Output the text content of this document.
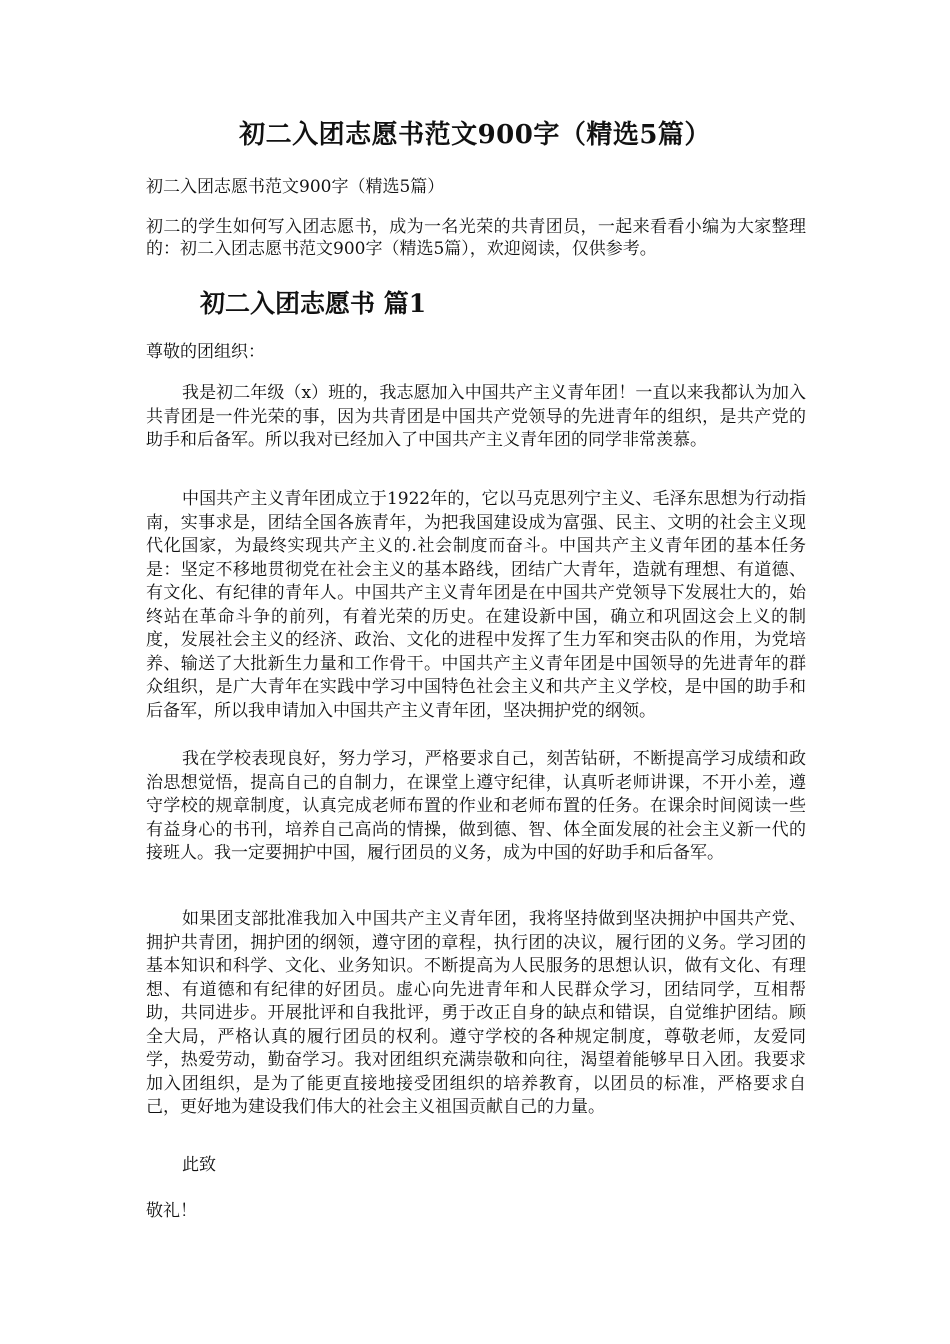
初二入团志愿书范文900字（精选5篇）

初二入团志愿书范文900字（精选5篇）

初二的学生如何写入团志愿书，成为一名光荣的共青团员，一起来看看小编为大家整理的：初二入团志愿书范文900字（精选5篇），欢迎阅读，仅供参考。

初二入团志愿书 篇1

尊敬的团组织：

我是初二年级（x）班的，我志愿加入中国共产主义青年团！一直以来我都认为加入共青团是一件光荣的事，因为共青团是中国共产党领导的先进青年的组织，是共产党的助手和后备军。所以我对已经加入了中国共产主义青年团的同学非常羡慕。

中国共产主义青年团成立于1922年的，它以马克思列宁主义、毛泽东思想为行动指南，实事求是，团结全国各族青年，为把我国建设成为富强、民主、文明的社会主义现代化国家，为最终实现共产主义的.社会制度而奋斗。中国共产主义青年团的基本任务是：坚定不移地贯彻党在社会主义的基本路线，团结广大青年，造就有理想、有道德、有文化、有纪律的青年人。中国共产主义青年团是在中国共产党领导下发展壮大的，始终站在革命斗争的前列，有着光荣的历史。在建设新中国，确立和巩固这会上义的制度，发展社会主义的经济、政治、文化的进程中发挥了生力军和突击队的作用，为党培养、输送了大批新生力量和工作骨干。中国共产主义青年团是中国领导的先进青年的群众组织，是广大青年在实践中学习中国特色社会主义和共产主义学校，是中国的助手和后备军，所以我申请加入中国共产主义青年团，坚决拥护党的纲领。

我在学校表现良好，努力学习，严格要求自己，刻苦钻研，不断提高学习成绩和政治思想觉悟，提高自己的自制力，在课堂上遵守纪律，认真听老师讲课，不开小差，遵守学校的规章制度，认真完成老师布置的作业和老师布置的任务。在课余时间阅读一些有益身心的书刊，培养自己高尚的情操，做到德、智、体全面发展的社会主义新一代的接班人。我一定要拥护中国，履行团员的义务，成为中国的好助手和后备军。

如果团支部批准我加入中国共产主义青年团，我将坚持做到坚决拥护中国共产党、拥护共青团，拥护团的纲领，遵守团的章程，执行团的决议，履行团的义务。学习团的基本知识和科学、文化、业务知识。不断提高为人民服务的思想认识，做有文化、有理想、有道德和有纪律的好团员。虚心向先进青年和人民群众学习，团结同学，互相帮助，共同进步。开展批评和自我批评，勇于改正自身的缺点和错误，自觉维护团结。顾全大局，严格认真的履行团员的权利。遵守学校的各种规定制度，尊敬老师，友爱同学，热爱劳动，勤奋学习。我对团组织充满崇敬和向往，渴望着能够早日入团。我要求加入团组织，是为了能更直接地接受团组织的培养教育，以团员的标准，严格要求自己，更好地为建设我们伟大的社会主义祖国贡献自己的力量。

此致

敬礼！
